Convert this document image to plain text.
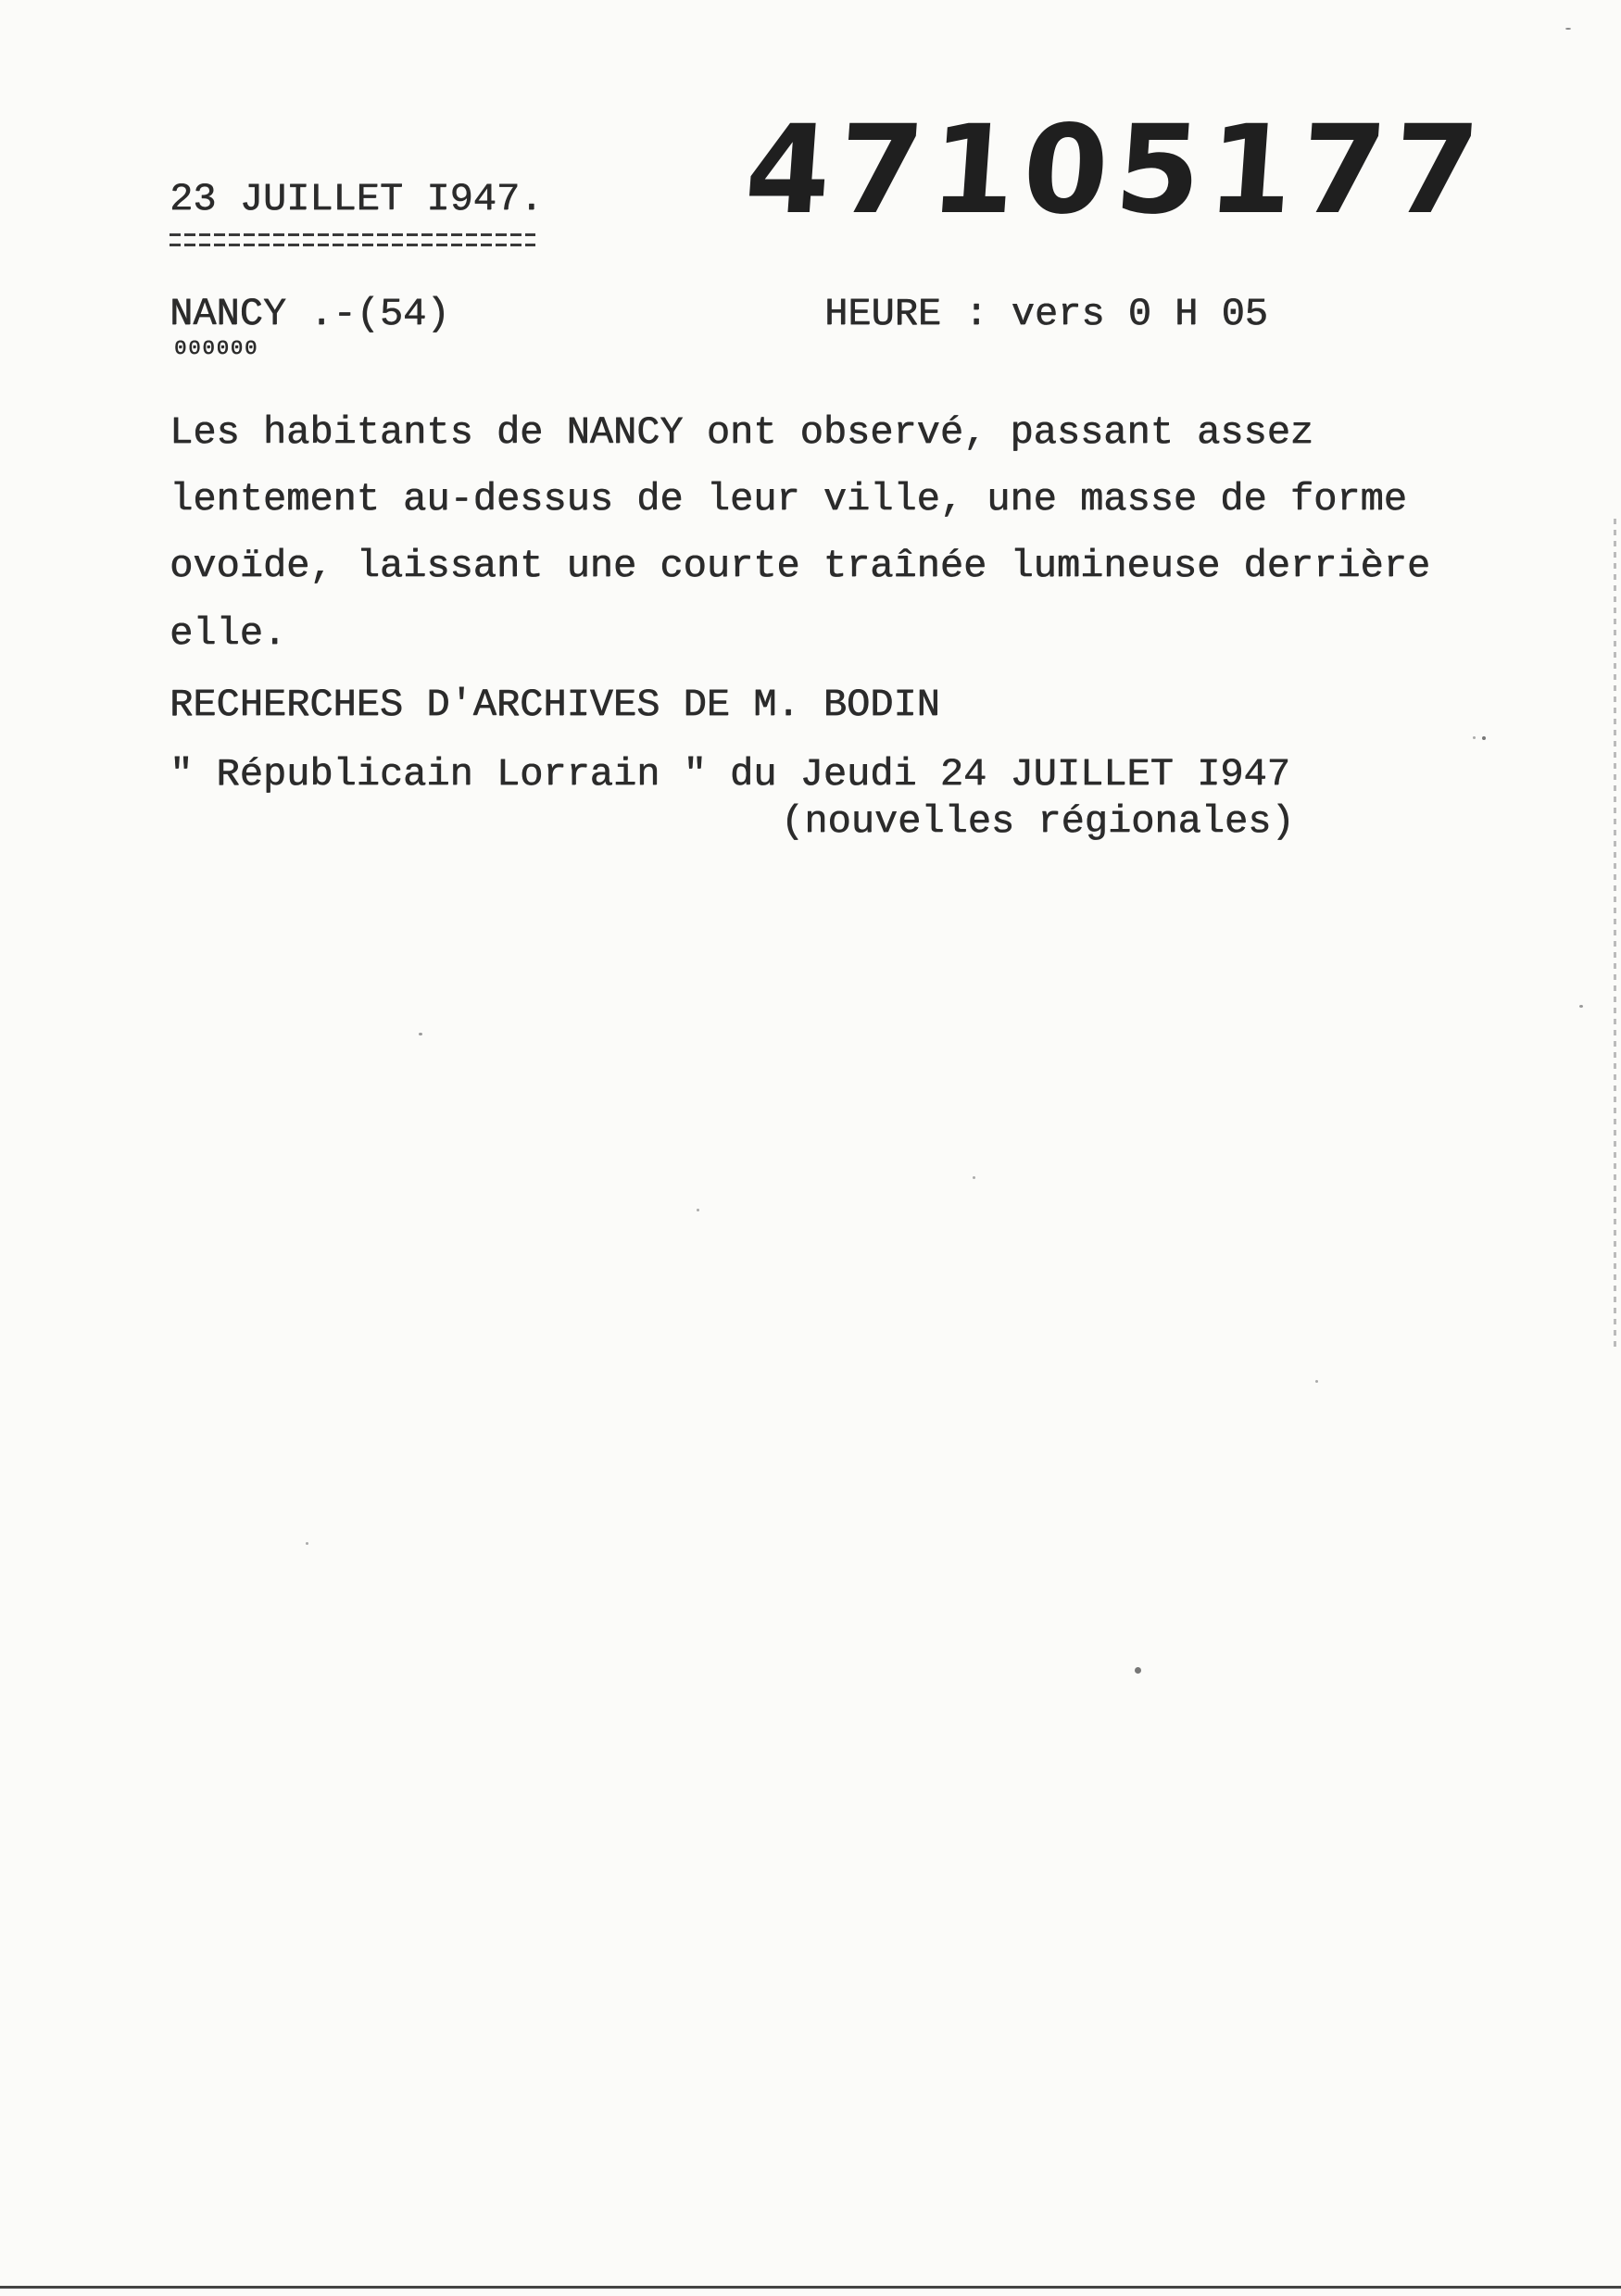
23 JUILLET I947. 47105177
NANCY .-(54)
000000
HEURE : vers 0 H 05
Les habitants de NANCY ont observé, passant assez
lentement au-dessus de leur ville, une masse de forme
ovoïde, laissant une courte traînée lumineuse derrière
elle.
RECHERCHES D'ARCHIVES DE M. BODIN
" Républicain Lorrain " du Jeudi 24 JUILLET I947
(nouvelles régionales)
